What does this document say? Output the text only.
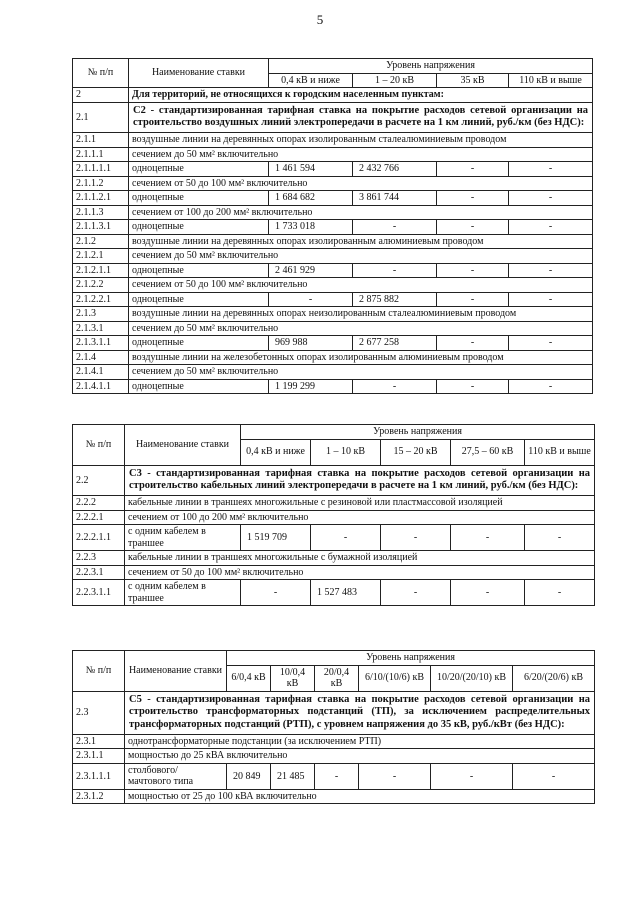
5
№ п/п	Наименование ставки	Уровень напряжения			
		0,4 кВ и ниже	1 – 20 кВ	35 кВ	110 кВ и выше
2	Для территорий, не относящихся к городским населенным пунктам:				
2.1	С2 - стандартизированная тарифная ставка на покрытие расходов сетевой организации на строительство воздушных линий электропередачи в расчете на 1 км линий, руб./км (без НДС):				
2.1.1	воздушные линии на деревянных опорах изолированным сталеалюминиевым проводом				
2.1.1.1	сечением до 50 мм² включительно				
2.1.1.1.1	одноцепные	1 461 594	2 432 766	-	-
2.1.1.2	сечением от 50 до 100 мм² включительно				
2.1.1.2.1	одноцепные	1 684 682	3 861 744	-	-
2.1.1.3	сечением от 100 до 200 мм² включительно				
2.1.1.3.1	одноцепные	1 733 018	-	-	-
2.1.2	воздушные линии на деревянных опорах изолированным алюминиевым проводом				
2.1.2.1	сечением до 50 мм² включительно				
2.1.2.1.1	одноцепные	2 461 929	-	-	-
2.1.2.2	сечением от 50 до 100 мм² включительно				
2.1.2.2.1	одноцепные	-	2 875 882	-	-
2.1.3	воздушные линии на деревянных опорах неизолированным сталеалюминиевым проводом				
2.1.3.1	сечением до 50 мм² включительно				
2.1.3.1.1	одноцепные	969 988	2 677 258	-	-
2.1.4	воздушные линии на железобетонных опорах изолированным алюминиевым проводом				
2.1.4.1	сечением до 50 мм² включительно				
2.1.4.1.1	одноцепные	1 199 299	-	-	-
№ п/п	Наименование ставки	Уровень напряжения				
		0,4 кВ и ниже	1 – 10 кВ	15 – 20 кВ	27,5 – 60 кВ	110 кВ и выше
2.2	С3 - стандартизированная тарифная ставка на покрытие расходов сетевой организации на строительство кабельных линий электропередачи в расчете на 1 км линий, руб./км (без НДС):					
2.2.2	кабельные линии в траншеях многожильные с резиновой или пластмассовой изоляцией					
2.2.2.1	сечением от 100 до 200 мм² включительно					
2.2.2.1.1	с одним кабелем в траншее	1 519 709	-	-	-	-
2.2.3	кабельные линии в траншеях многожильные с бумажной изоляцией					
2.2.3.1	сечением от 50 до 100 мм² включительно					
2.2.3.1.1	с одним кабелем в траншее	-	1 527 483	-	-	-
№ п/п	Наименование ставки	Уровень напряжения					
		6/0,4 кВ	10/0,4 кВ	20/0,4 кВ	6/10/(10/6) кВ	10/20/(20/10) кВ	6/20/(20/6) кВ
2.3	С5 - стандартизированная тарифная ставка на покрытие расходов сетевой организации на строительство трансформаторных подстанций (ТП), за исключением распределительных трансформаторных подстанций (РТП), с уровнем напряжения до 35 кВ, руб./кВт (без НДС):						
2.3.1	однотрансформаторные подстанции (за исключением РТП)						
2.3.1.1	мощностью до 25 кВА включительно						
2.3.1.1.1	столбового/ мачтового типа	20 849	21 485	-	-	-	-
2.3.1.2	мощностью от 25 до 100 кВА включительно						
